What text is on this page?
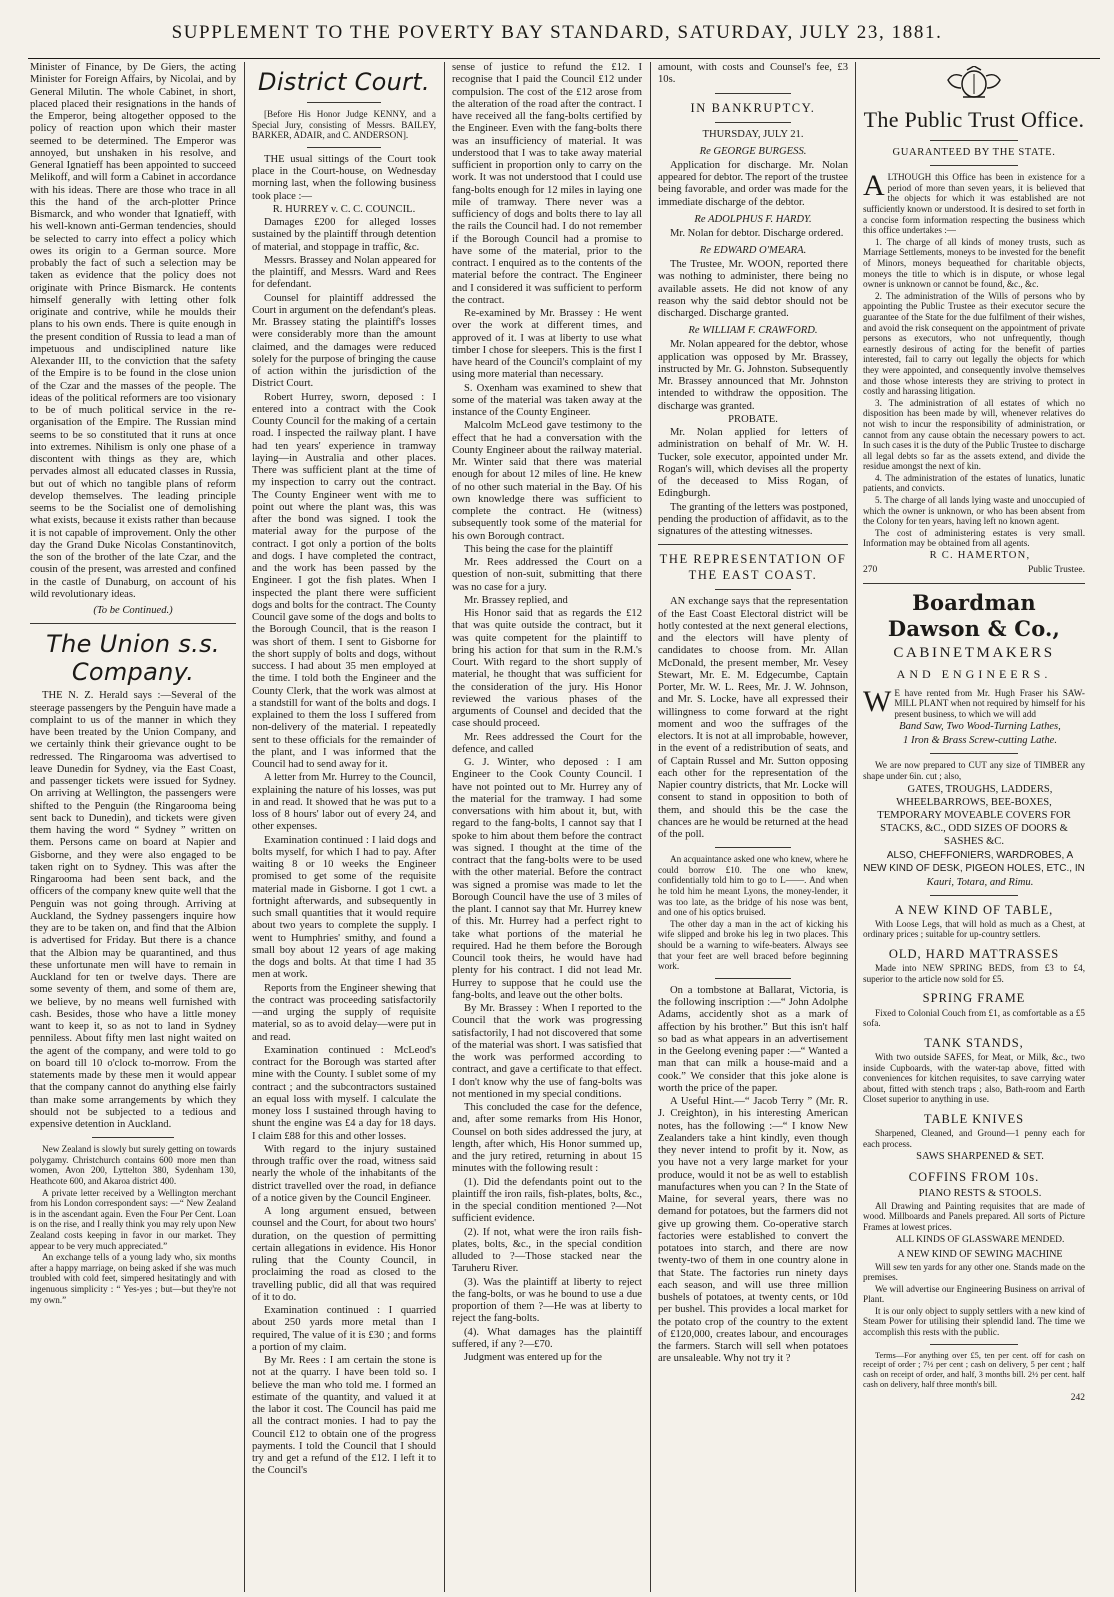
SUPPLEMENT TO THE POVERTY BAY STANDARD, SATURDAY, JULY 23, 1881.

Minister of Finance, by De Giers, the acting Minister for Foreign Affairs, by Nicolai, and by General Milutin. The whole Cabinet, in short, placed placed their resignations in the hands of the Emperor, being altogether opposed to the policy of reaction upon which their master seemed to be determined. The Emperor was annoyed, but unshaken in his resolve, and General Ignatieff has been appointed to succeed Melikoff, and will form a Cabinet in accordance with his ideas. There are those who trace in all this the hand of the arch-plotter Prince Bismarck, and who wonder that Ignatieff, with his well-known anti-German tendencies, should be selected to carry into effect a policy which owes its origin to a German source. More probably the fact of such a selection may be taken as evidence that the policy does not originate with Prince Bismarck. He contents himself generally with letting other folk originate and contrive, while he moulds their plans to his own ends. There is quite enough in the present condition of Russia to lead a man of impetuous and undisciplined nature like Alexander III, to the conviction that the safety of the Empire is to be found in the close union of the Czar and the masses of the people. The ideas of the political reformers are too visionary to be of much political service in the re-organisation of the Empire. The Russian mind seems to be so constituted that it runs at once into extremes. Nihilism is only one phase of a discontent with things as they are, which pervades almost all educated classes in Russia, but out of which no tangible plans of reform develop themselves. The leading principle seems to be the Socialist one of demolishing what exists, because it exists rather than because it is not capable of improvement. Only the other day the Grand Duke Nicolas Constantinovitch, the son of the brother of the late Czar, and the cousin of the present, was arrested and confined in the castle of Dunaburg, on account of his wild revolutionary ideas.

(To be Continued.)
The Union s.s. Company.

THE N. Z. Herald says :—Several of the steerage passengers by the Penguin have made a complaint to us of the manner in which they have been treated by the Union Company, and we certainly think their grievance ought to be redressed. The Ringarooma was advertised to leave Dunedin for Sydney, via the East Coast, and passenger tickets were issued for Sydney. On arriving at Wellington, the passengers were shifted to the Penguin (the Ringarooma being sent back to Dunedin), and tickets were given them having the word “ Sydney ” written on them. Persons came on board at Napier and Gisborne, and they were also engaged to be taken right on to Sydney. This was after the Ringarooma had been sent back, and the officers of the company knew quite well that the Penguin was not going through. Arriving at Auckland, the Sydney passengers inquire how they are to be taken on, and find that the Albion is advertised for Friday. But there is a chance that the Albion may be quarantined, and thus these unfortunate men will have to remain in Auckland for ten or twelve days. There are some seventy of them, and some of them are, we believe, by no means well furnished with cash. Besides, those who have a little money want to keep it, so as not to land in Sydney penniless. About fifty men last night waited on the agent of the company, and were told to go on board till 10 o'clock to-morrow. From the statements made by these men it would appear that the company cannot do anything else fairly than make some arrangements by which they should not be subjected to a tedious and expensive detention in Auckland.

New Zealand is slowly but surely getting on towards polygamy. Christchurch contains 600 more men than women, Avon 200, Lyttelton 380, Sydenham 130, Heathcote 600, and Akaroa district 400.

A private letter received by a Wellington merchant from his London correspondent says: —“ New Zealand is in the ascendant again. Even the Four Per Cent. Loan is on the rise, and I really think you may rely upon New Zealand costs keeping in favor in our market. They appear to be very much appreciated.”

An exchange tells of a young lady who, six months after a happy marriage, on being asked if she was much troubled with cold feet, simpered hesitatingly and with ingenuous simplicity : “ Yes-yes ; but—but they're not my own.”

District Court.

[Before His Honor Judge KENNY, and a Special Jury, consisting of Messrs. BAILEY, BARKER, ADAIR, and C. ANDERSON].

THE usual sittings of the Court took place in the Court-house, on Wednesday morning last, when the following business took place :—

R. HURREY v. C. C. COUNCIL.

Damages £200 for alleged losses sustained by the plaintiff through detention of material, and stoppage in traffic, &c.

Messrs. Brassey and Nolan appeared for the plaintiff, and Messrs. Ward and Rees for defendant.

Counsel for plaintiff addressed the Court in argument on the defendant's pleas. Mr. Brassey stating the plaintiff's losses were considerably more than the amount claimed, and the damages were reduced solely for the purpose of bringing the cause of action within the jurisdiction of the District Court.

Robert Hurrey, sworn, deposed : I entered into a contract with the Cook County Council for the making of a certain road. I inspected the railway plant. I have had ten years' experience in tramway laying—in Australia and other places. There was sufficient plant at the time of my inspection to carry out the contract. The County Engineer went with me to point out where the plant was, this was after the bond was signed. I took the material away for the purpose of the contract. I got only a portion of the bolts and dogs. I have completed the contract, and the work has been passed by the Engineer. I got the fish plates. When I inspected the plant there were sufficient dogs and bolts for the contract. The County Council gave some of the dogs and bolts to the Borough Council, that is the reason I was short of them. I sent to Gisborne for the short supply of bolts and dogs, without success. I had about 35 men employed at the time. I told both the Engineer and the County Clerk, that the work was almost at a standstill for want of the bolts and dogs. I explained to them the loss I suffered from non-delivery of the material. I repeatedly sent to these officials for the remainder of the plant, and I was informed that the Council had to send away for it.

A letter from Mr. Hurrey to the Council, explaining the nature of his losses, was put in and read. It showed that he was put to a loss of 8 hours' labor out of every 24, and other expenses.

Examination continued : I laid dogs and bolts myself, for which I had to pay. After waiting 8 or 10 weeks the Engineer promised to get some of the requisite material made in Gisborne. I got 1 cwt. a fortnight afterwards, and subsequently in such small quantities that it would require about two years to complete the supply. I went to Humphries' smithy, and found a small boy about 12 years of age making the dogs and bolts. At that time I had 35 men at work.

Reports from the Engineer shewing that the contract was proceeding satisfactorily—and urging the supply of requisite material, so as to avoid delay—were put in and read.

Examination continued : McLeod's contract for the Borough was started after mine with the County. I sublet some of my contract ; and the subcontractors sustained an equal loss with myself. I calculate the money loss I sustained through having to shunt the engine was £4 a day for 18 days. I claim £88 for this and other losses.

With regard to the injury sustained through traffic over the road, witness said nearly the whole of the inhabitants of the district travelled over the road, in defiance of a notice given by the Council Engineer.

A long argument ensued, between counsel and the Court, for about two hours' duration, on the question of permitting certain allegations in evidence. His Honor ruling that the County Council, in proclaiming the road as closed to the travelling public, did all that was required of it to do.

Examination continued : I quarried about 250 yards more metal than I required, The value of it is £30 ; and forms a portion of my claim.

By Mr. Rees : I am certain the stone is not at the quarry. I have been told so. I believe the man who told me. I formed an estimate of the quantity, and valued it at the labor it cost. The Council has paid me all the contract monies. I had to pay the Council £12 to obtain one of the progress payments. I told the Council that I should try and get a refund of the £12. I left it to the Council's

sense of justice to refund the £12. I recognise that I paid the Council £12 under compulsion. The cost of the £12 arose from the alteration of the road after the contract. I have received all the fang-bolts certified by the Engineer. Even with the fang-bolts there was an insufficiency of material. It was understood that I was to take away material sufficient in proportion only to carry on the work. It was not understood that I could use fang-bolts enough for 12 miles in laying one mile of tramway. There never was a sufficiency of dogs and bolts there to lay all the rails the Council had. I do not remember if the Borough Council had a promise to have some of the material, prior to the contract. I enquired as to the contents of the material before the contract. The Engineer and I considered it was sufficient to perform the contract.

Re-examined by Mr. Brassey : He went over the work at different times, and approved of it. I was at liberty to use what timber I chose for sleepers. This is the first I have heard of the Council's complaint of my using more material than necessary.

S. Oxenham was examined to shew that some of the material was taken away at the instance of the County Engineer.

Malcolm McLeod gave testimony to the effect that he had a conversation with the County Engineer about the railway material. Mr. Winter said that there was material enough for about 12 miles of line. He knew of no other such material in the Bay. Of his own knowledge there was sufficient to complete the contract. He (witness) subsequently took some of the material for his own Borough contract.

This being the case for the plaintiff

Mr. Rees addressed the Court on a question of non-suit, submitting that there was no case for a jury.

Mr. Brassey replied, and

His Honor said that as regards the £12 that was quite outside the contract, but it was quite competent for the plaintiff to bring his action for that sum in the R.M.'s Court. With regard to the short supply of material, he thought that was sufficient for the consideration of the jury. His Honor reviewed the various phases of the arguments of Counsel and decided that the case should proceed.

Mr. Rees addressed the Court for the defence, and called

G. J. Winter, who deposed : I am Engineer to the Cook County Council. I have not pointed out to Mr. Hurrey any of the material for the tramway. I had some conversations with him about it, but, with regard to the fang-bolts, I cannot say that I spoke to him about them before the contract was signed. I thought at the time of the contract that the fang-bolts were to be used with the other material. Before the contract was signed a promise was made to let the Borough Council have the use of 3 miles of the plant. I cannot say that Mr. Hurrey knew of this. Mr. Hurrey had a perfect right to take what portions of the material he required. Had he them before the Borough Council took theirs, he would have had plenty for his contract. I did not lead Mr. Hurrey to suppose that he could use the fang-bolts, and leave out the other bolts.

By Mr. Brassey : When I reported to the Council that the work was progressing satisfactorily, I had not discovered that some of the material was short. I was satisfied that the work was performed according to contract, and gave a certificate to that effect. I don't know why the use of fang-bolts was not mentioned in my special conditions.

This concluded the case for the defence, and, after some remarks from His Honor, Counsel on both sides addressed the jury, at length, after which, His Honor summed up, and the jury retired, returning in about 15 minutes with the following result :

(1). Did the defendants point out to the plaintiff the iron rails, fish-plates, bolts, &c., in the special condition mentioned ?—Not sufficient evidence.

(2). If not, what were the iron rails fish-plates, bolts, &c., in the special condition alluded to ?—Those stacked near the Taruheru River.

(3). Was the plaintiff at liberty to reject the fang-bolts, or was he bound to use a due proportion of them ?—He was at liberty to reject the fang-bolts.

(4). What damages has the plaintiff suffered, if any ?—£70.

Judgment was entered up for the

amount, with costs and Counsel's fee, £3 10s.

IN BANKRUPTCY.

THURSDAY, JULY 21.

Re GEORGE BURGESS.

Application for discharge. Mr. Nolan appeared for debtor. The report of the trustee being favorable, and order was made for the immediate discharge of the debtor.

Re ADOLPHUS F. HARDY.

Mr. Nolan for debtor. Discharge ordered.

Re EDWARD O'MEARA.

The Trustee, Mr. WOON, reported there was nothing to administer, there being no available assets. He did not know of any reason why the said debtor should not be discharged. Discharge granted.

Re WILLIAM F. CRAWFORD.

Mr. Nolan appeared for the debtor, whose application was opposed by Mr. Brassey, instructed by Mr. G. Johnston. Subsequently Mr. Brassey announced that Mr. Johnston intended to withdraw the opposition. The discharge was granted.

PROBATE.

Mr. Nolan applied for letters of administration on behalf of Mr. W. H. Tucker, sole executor, appointed under Mr. Rogan's will, which devises all the property of the deceased to Miss Rogan, of Edingburgh.

The granting of the letters was postponed, pending the production of affidavit, as to the signatures of the attesting witnesses.

THE REPRESENTATION OF THE EAST COAST.

AN exchange says that the representation of the East Coast Electoral district will be hotly contested at the next general elections, and the electors will have plenty of candidates to choose from. Mr. Allan McDonald, the present member, Mr. Vesey Stewart, Mr. E. M. Edgecumbe, Captain Porter, Mr. W. L. Rees, Mr. J. W. Johnson, and Mr. S. Locke, have all expressed their willingness to come forward at the right moment and woo the suffrages of the electors. It is not at all improbable, however, in the event of a redistribution of seats, and of Captain Russel and Mr. Sutton opposing each other for the representation of the Napier country districts, that Mr. Locke will consent to stand in opposition to both of them, and should this be the case the chances are he would be returned at the head of the poll.

An acquaintance asked one who knew, where he could borrow £10. The one who knew, confidentially told him to go to L——. And when he told him he meant Lyons, the money-lender, it was too late, as the bridge of his nose was bent, and one of his optics bruised.

The other day a man in the act of kicking his wife slipped and broke his leg in two places. This should be a warning to wife-beaters. Always see that your feet are well braced before beginning work.

On a tombstone at Ballarat, Victoria, is the following inscription :—“ John Adolphe Adams, accidently shot as a mark of affection by his brother.” But this isn't half so bad as what appears in an advertisement in the Geelong evening paper :—“ Wanted a man that can milk a house-maid and a cook.” We consider that this joke alone is worth the price of the paper.

A Useful Hint.—“ Jacob Terry ” (Mr. R. J. Creighton), in his interesting American notes, has the following :—“ I know New Zealanders take a hint kindly, even though they never intend to profit by it. Now, as you have not a very large market for your produce, would it not be as well to establish manufactures when you can ? In the State of Maine, for several years, there was no demand for potatoes, but the farmers did not give up growing them. Co-operative starch factories were established to convert the potatoes into starch, and there are now twenty-two of them in one country alone in that State. The factories run ninety days each season, and will use three million bushels of potatoes, at twenty cents, or 10d per bushel. This provides a local market for the potato crop of the country to the extent of £120,000, creates labour, and encourages the farmers. Starch will sell when potatoes are unsaleable. Why not try it ?

The Public Trust Office.

GUARANTEED BY THE STATE.

ALTHOUGH this Office has been in existence for a period of more than seven years, it is believed that the objects for which it was established are not sufficiently known or understood. It is desired to set forth in a concise form information respecting the business which this office undertakes :—

1. The charge of all kinds of money trusts, such as Marriage Settlements, moneys to be invested for the benefit of Minors, moneys bequeathed for charitable objects, moneys the title to which is in dispute, or whose legal owner is unknown or cannot be found, &c., &c.

2. The administration of the Wills of persons who by appointing the Public Trustee as their executor secure the guarantee of the State for the due fulfilment of their wishes, and avoid the risk consequent on the appointment of private persons as executors, who not unfrequently, though earnestly desirous of acting for the benefit of parties interested, fail to carry out legally the objects for which they were appointed, and consequently involve themselves and those whose interests they are striving to protect in costly and harassing litigation.

3. The administration of all estates of which no disposition has been made by will, whenever relatives do not wish to incur the responsibility of administration, or cannot from any cause obtain the necessary powers to act. In such cases it is the duty of the Public Trustee to discharge all legal debts so far as the assets extend, and divide the residue amongst the next of kin.

4. The administration of the estates of lunatics, lunatic patients, and convicts.

5. The charge of all lands lying waste and unoccupied of which the owner is unknown, or who has been absent from the Colony for ten years, having left no known agent.

The cost of administering estates is very small. Information may be obtained from all agents.

R C. HAMERTON,

270	Public Trustee.
Boardman Dawson & Co.,
CABINETMAKERS
AND ENGINEERS.

W E have rented from Mr. Hugh Fraser his SAW-MILL PLANT when not required by himself for his present business, to which we will add

Band Saw, Two Wood-Turning Lathes,

1 Iron & Brass Screw-cutting Lathe.

We are now prepared to CUT any size of TIMBER any shape under 6in. cut ; also,

GATES, TROUGHS, LADDERS, WHEELBARROWS, BEE-BOXES, TEMPORARY MOVEABLE COVERS FOR STACKS, &C., ODD SIZES OF DOORS & SASHES &C.

ALSO, CHEFFONIERS, WARDROBES, A NEW KIND OF DESK, PIGEON HOLES, ETC., IN

Kauri, Totara, and Rimu.

A NEW KIND OF TABLE,

With Loose Legs, that will hold as much as a Chest, at ordinary prices ; suitable for up-country settlers.

OLD, HARD MATTRASSES

Made into NEW SPRING BEDS, from £3 to £4, superior to the article now sold for £5.

SPRING FRAME

Fixed to Colonial Couch from £1, as comfortable as a £5 sofa.

TANK STANDS,

With two outside SAFES, for Meat, or Milk, &c., two inside Cupboards, with the water-tap above, fitted with conveniences for kitchen requisites, to save carrying water about, fitted with stench traps ; also, Bath-room and Earth Closet superior to anything in use.

TABLE KNIVES

Sharpened, Cleaned, and Ground—1 penny each for each process.

SAWS SHARPENED & SET.

COFFINS FROM 10s.

PIANO RESTS & STOOLS.

All Drawing and Painting requisites that are made of wood. Millboards and Panels prepared. All sorts of Picture Frames at lowest prices.

ALL KINDS OF GLASSWARE MENDED.

A NEW KIND OF SEWING MACHINE

Will sew ten yards for any other one. Stands made on the premises.

We will advertise our Engineering Business on arrival of Plant.

It is our only object to supply settlers with a new kind of Steam Power for utilising their splendid land. The time we accomplish this rests with the public.

Terms—For anything over £5, ten per cent. off for cash on receipt of order ; 7½ per cent ; cash on delivery, 5 per cent ; half cash on receipt of order, and half, 3 months bill. 2½ per cent. half cash on delivery, half three month's bill.

242
